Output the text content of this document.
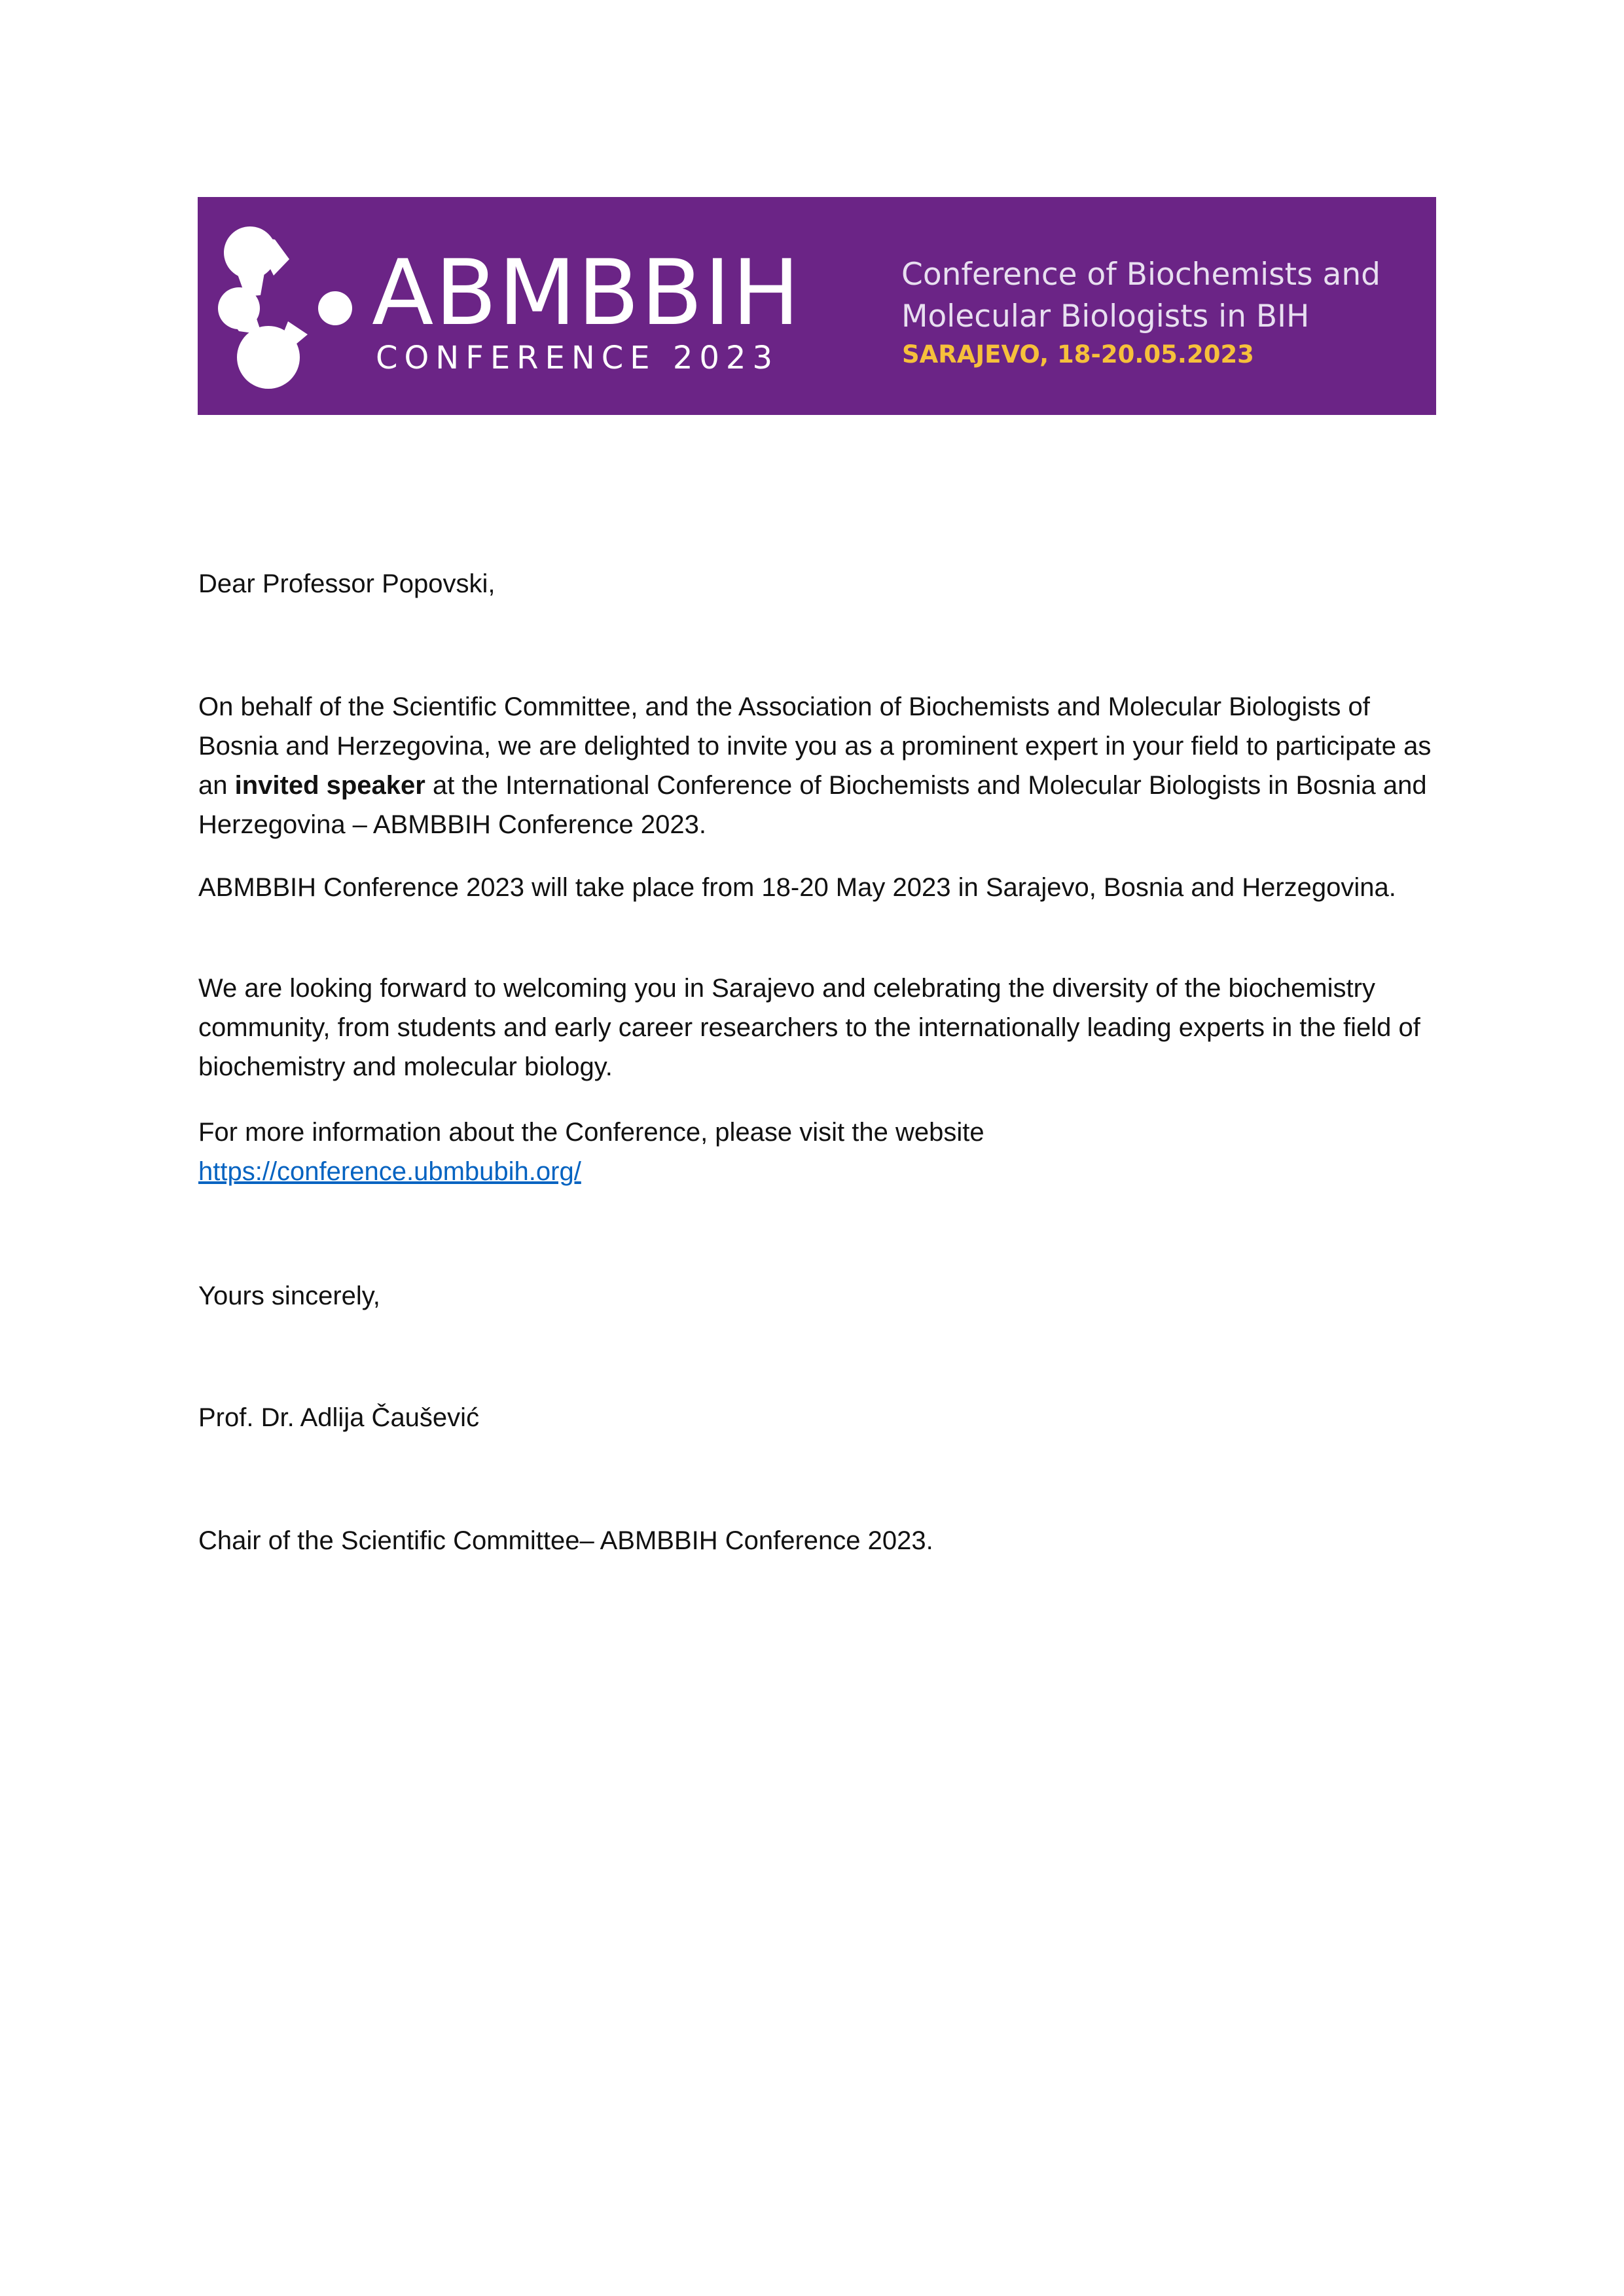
ABMBBIH
CONFERENCE 2023
Conference of Biochemists and
Molecular Biologists in BIH
SARAJEVO, 18-20.05.2023

Dear Professor Popovski,

On behalf of the Scientific Committee, and the Association of Biochemists and Molecular Biologists of Bosnia and Herzegovina, we are delighted to invite you as a prominent expert in your field to participate as an invited speaker at the International Conference of Biochemists and Molecular Biologists in Bosnia and Herzegovina – ABMBBIH Conference 2023.

ABMBBIH Conference 2023 will take place from 18-20 May 2023 in Sarajevo, Bosnia and Herzegovina.

We are looking forward to welcoming you in Sarajevo and celebrating the diversity of the biochemistry community, from students and early career researchers to the internationally leading experts in the field of biochemistry and molecular biology.

For more information about the Conference, please visit the website
https://conference.ubmbubih.org/

Yours sincerely,

Prof. Dr. Adlija Čaušević

Chair of the Scientific Committee– ABMBBIH Conference 2023.
